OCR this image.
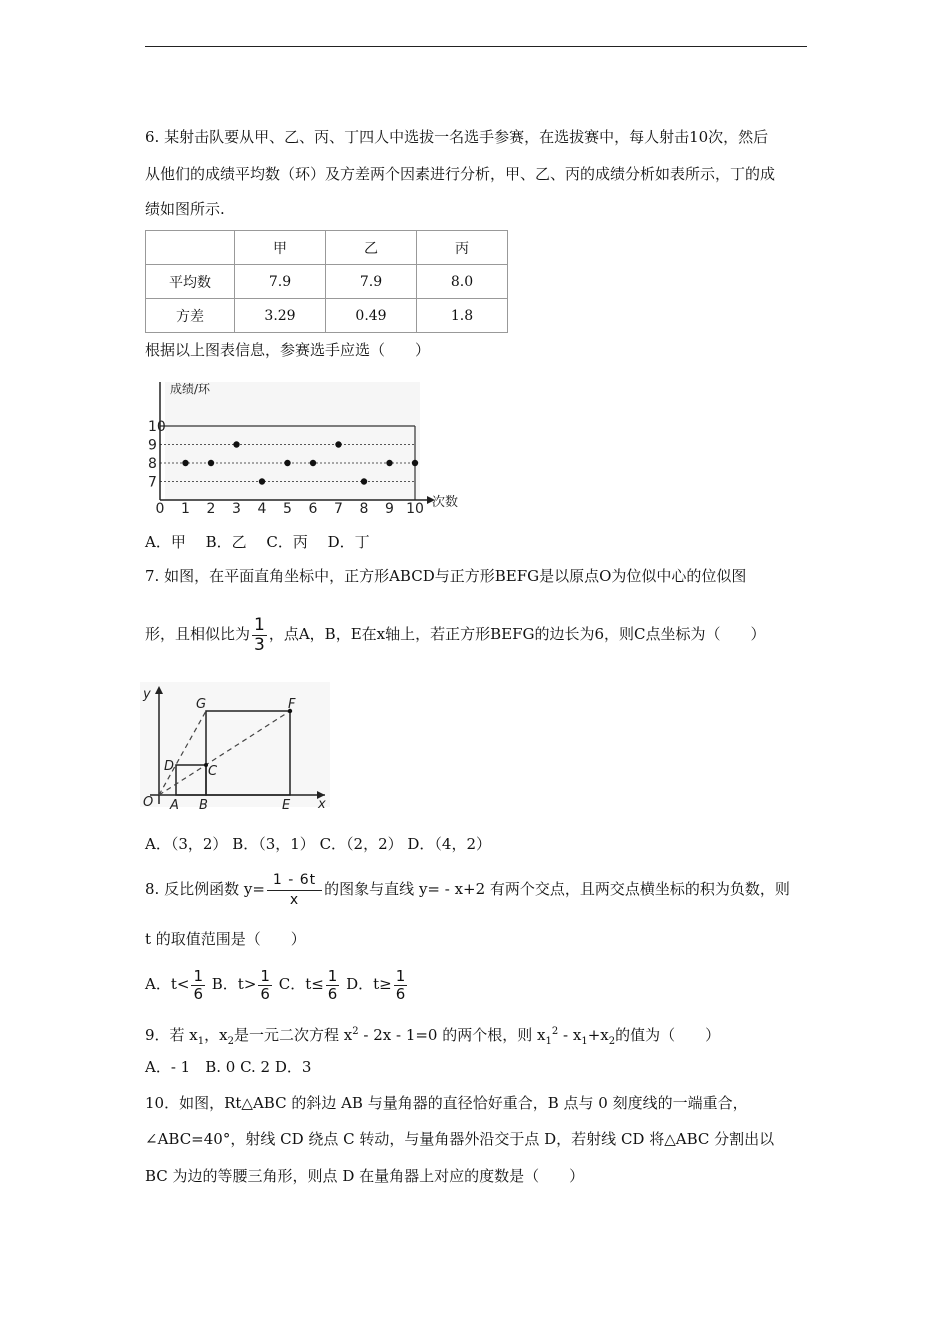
6. 某射击队要从甲、乙、丙、丁四人中选拔一名选手参赛，在选拔赛中，每人射击10次，然后
从他们的成绩平均数（环）及方差两个因素进行分析，甲、乙、丙的成绩分析如表所示，丁的成
绩如图所示.
	甲	乙	丙
平均数	7.9	7.9	8.0
方差	3.29	0.49	1.8
根据以上图表信息，参赛选手应选（　　）
7
8
9
10
0 1 2 3 4 5 6 7 8 9 10
成绩/环
次数
A．甲　 B．乙　 C．丙　 D．丁
7. 如图，在平面直角坐标中，正方形ABCD与正方形BEFG是以原点O为位似中心的位似图
形，且相似比为 $\frac{1}{3}$ ，点A，B，E在x轴上，若正方形BEFG的边长为6，则C点坐标为（　　）
y
x
O A B	E
D	C
G	F
A．（3，2） B．（3，1） C．（2，2） D．（4，2）
8. 反比例函数 $y= \frac{1 - 6t}{x}$ 的图象与直线 y= - x+2 有两个交点，且两交点横坐标的积为负数，则
t 的取值范围是（　　）
A．$t< \frac{1}{6}$ B．$t> \frac{1}{6}$ C．$t\le \frac{1}{6}$ D．$t\ge \frac{1}{6}$
9．若 $x_1$，$x_2$是一元二次方程 $x^2 - 2x - 1=0$ 的两个根，则 $x_1^2 - x_1+x_2$的值为（　　）
A．- 1　B. 0 C. 2 D．3
10．如图，Rt△ABC 的斜边 AB 与量角器的直径恰好重合，B 点与 0 刻度线的一端重合，
∠ABC=40°，射线 CD 绕点 C 转动，与量角器外沿交于点 D，若射线 CD 将△ABC 分割出以
BC 为边的等腰三角形，则点 D 在量角器上对应的度数是（　　）
